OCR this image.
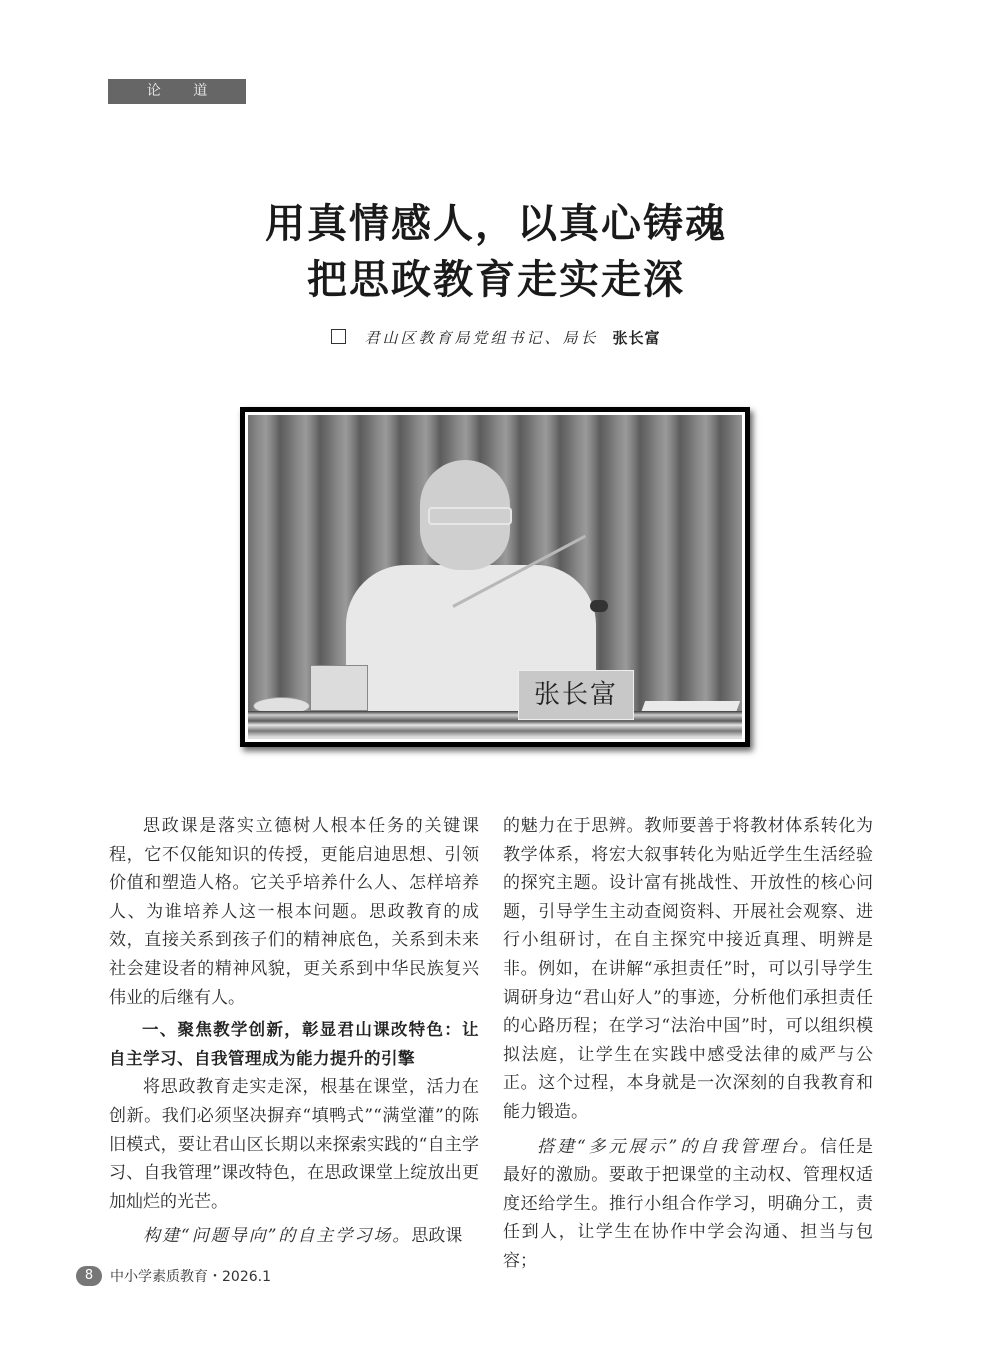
论 道
用真情感人，以真心铸魂
把思政教育走实走深
君山区教育局党组书记、局长 张长富
张长富

思政课是落实立德树人根本任务的关键课程，它不仅能知识的传授，更能启迪思想、引领价值和塑造人格。它关乎培养什么人、怎样培养人、为谁培养人这一根本问题。思政教育的成效，直接关系到孩子们的精神底色，关系到未来社会建设者的精神风貌，更关系到中华民族复兴伟业的后继有人。

一、聚焦教学创新，彰显君山课改特色：让自主学习、自我管理成为能力提升的引擎

将思政教育走实走深，根基在课堂，活力在创新。我们必须坚决摒弃“填鸭式”“满堂灌”的陈旧模式，要让君山区长期以来探索实践的“自主学习、自我管理”课改特色，在思政课堂上绽放出更加灿烂的光芒。

构建“问题导向”的自主学习场。思政课

的魅力在于思辨。教师要善于将教材体系转化为教学体系，将宏大叙事转化为贴近学生生活经验的探究主题。设计富有挑战性、开放性的核心问题，引导学生主动查阅资料、开展社会观察、进行小组研讨，在自主探究中接近真理、明辨是非。例如，在讲解“承担责任”时，可以引导学生调研身边“君山好人”的事迹，分析他们承担责任的心路历程；在学习“法治中国”时，可以组织模拟法庭，让学生在实践中感受法律的威严与公正。这个过程，本身就是一次深刻的自我教育和能力锻造。

搭建“多元展示”的自我管理台。信任是最好的激励。要敢于把课堂的主动权、管理权适度还给学生。推行小组合作学习，明确分工，责任到人，让学生在协作中学会沟通、担当与包容；

8	中小学素质教育・2026.1
